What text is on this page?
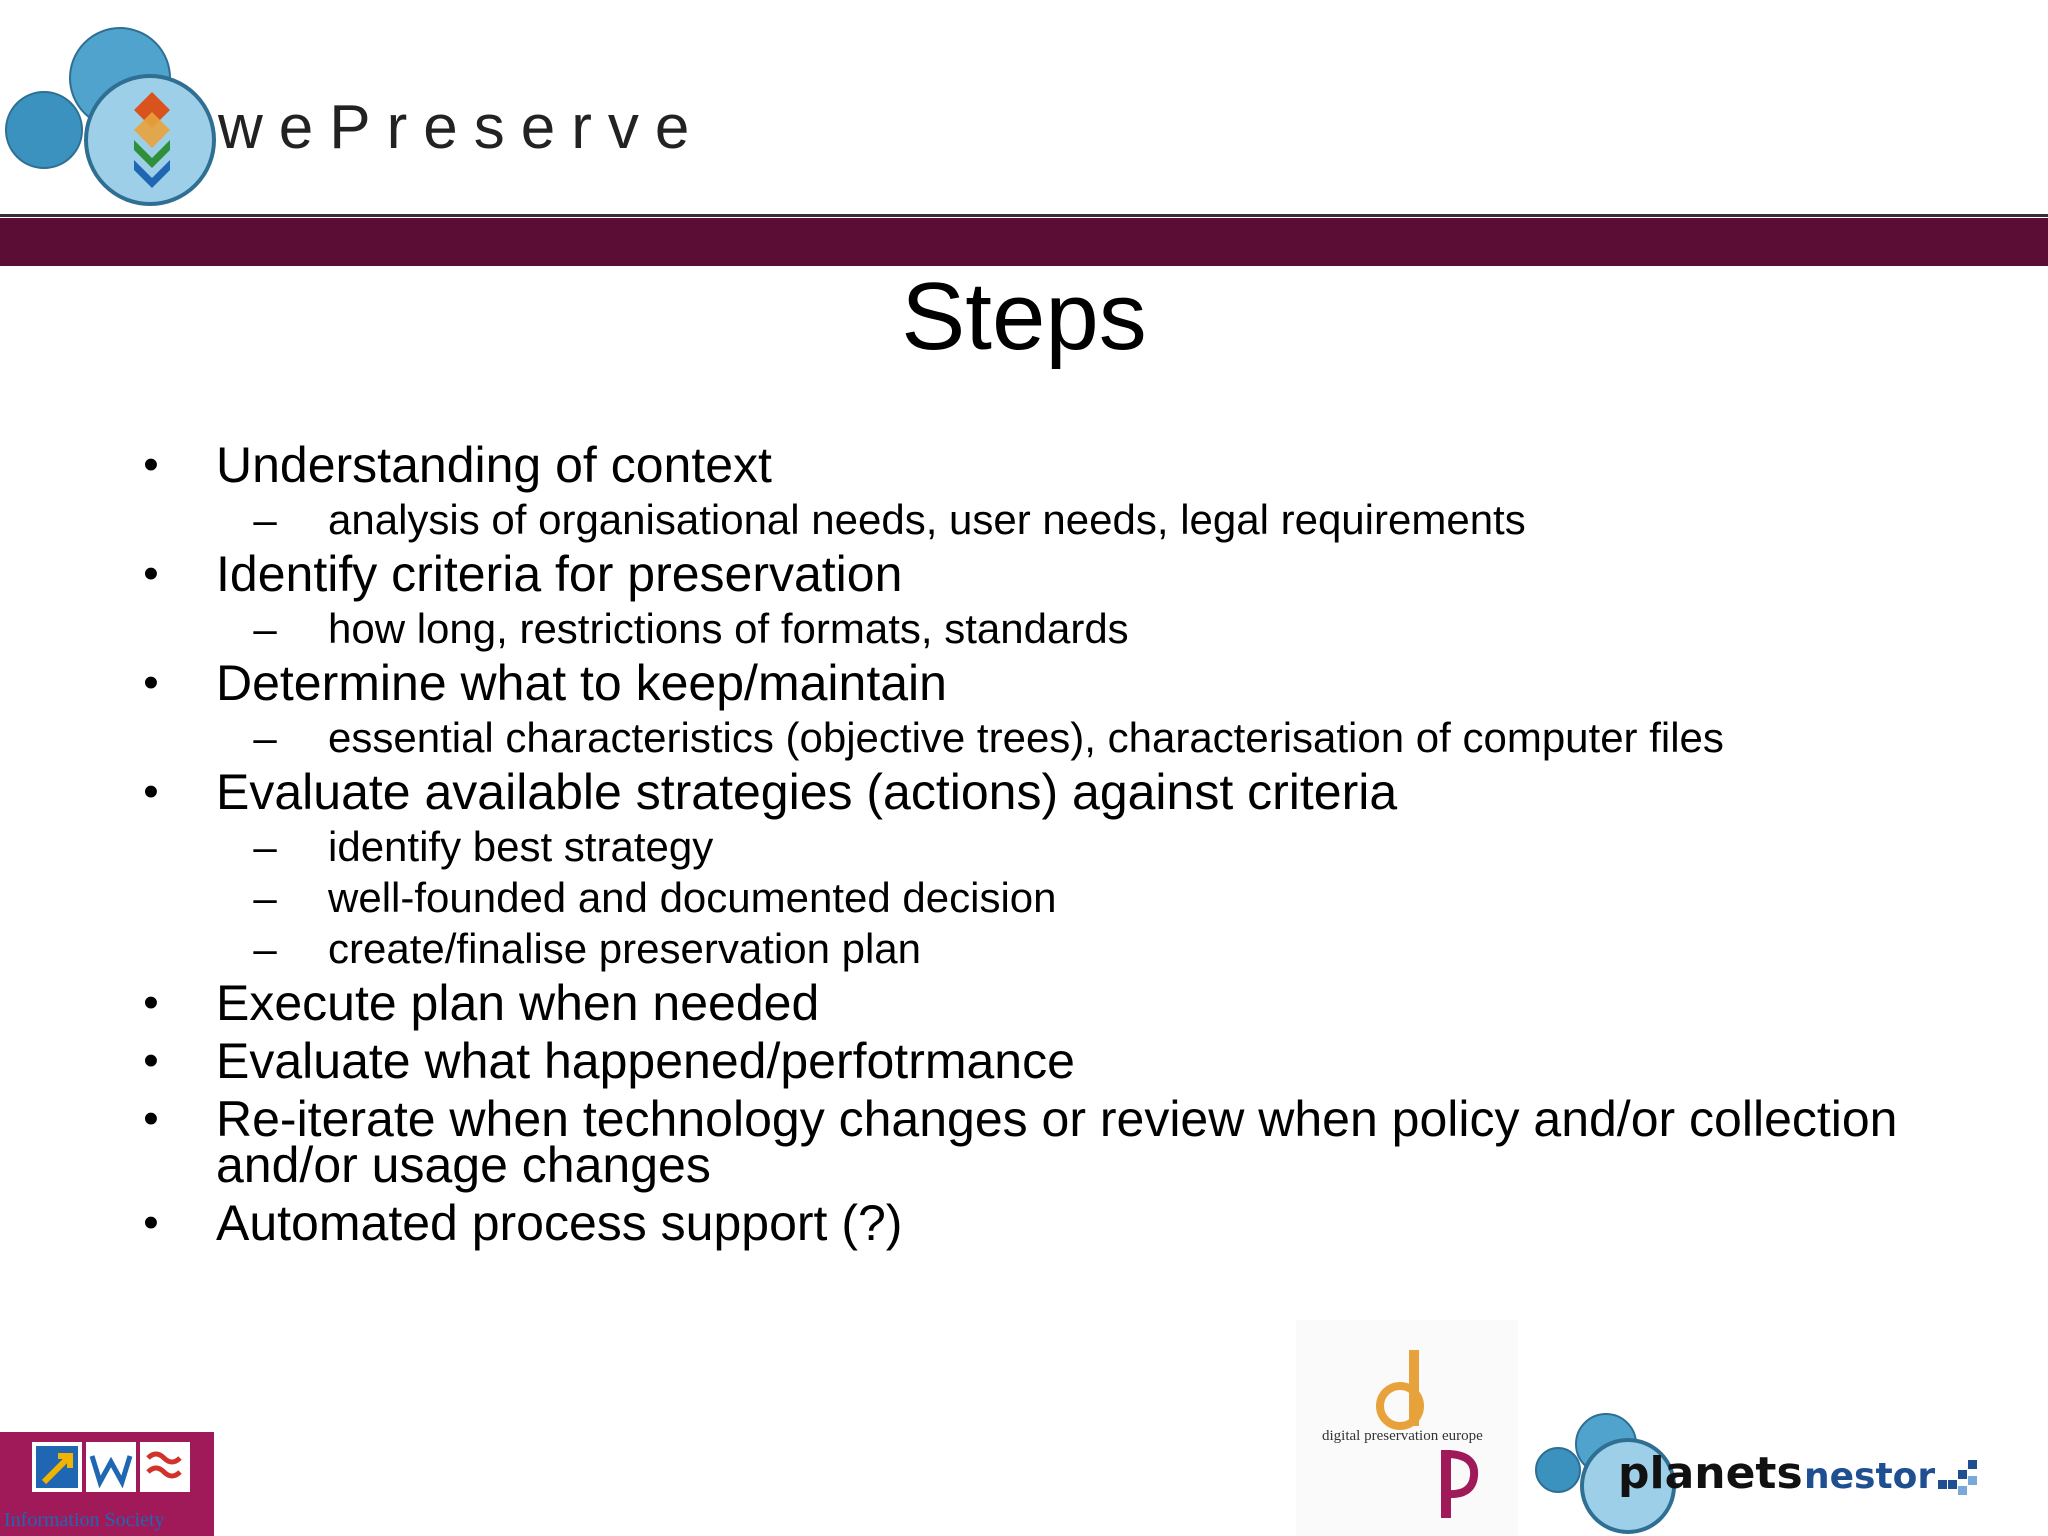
wePreserve
Steps
• Understanding of context
–	analysis of organisational needs, user needs, legal requirements
• Identify criteria for preservation
–	how long, restrictions of formats, standards
• Determine what to keep/maintain
–	essential characteristics (objective trees), characterisation of computer files
• Evaluate available strategies (actions) against criteria
–	identify best strategy
–	well-founded and documented decision
–	create/finalise preservation plan
• Execute plan when needed
• Evaluate what happened/perfotrmance
• Re-iterate when technology changes or review when policy and/or collection and/or usage changes
• Automated process support (?)
Information Society
digital preservation europe
planets nestor
